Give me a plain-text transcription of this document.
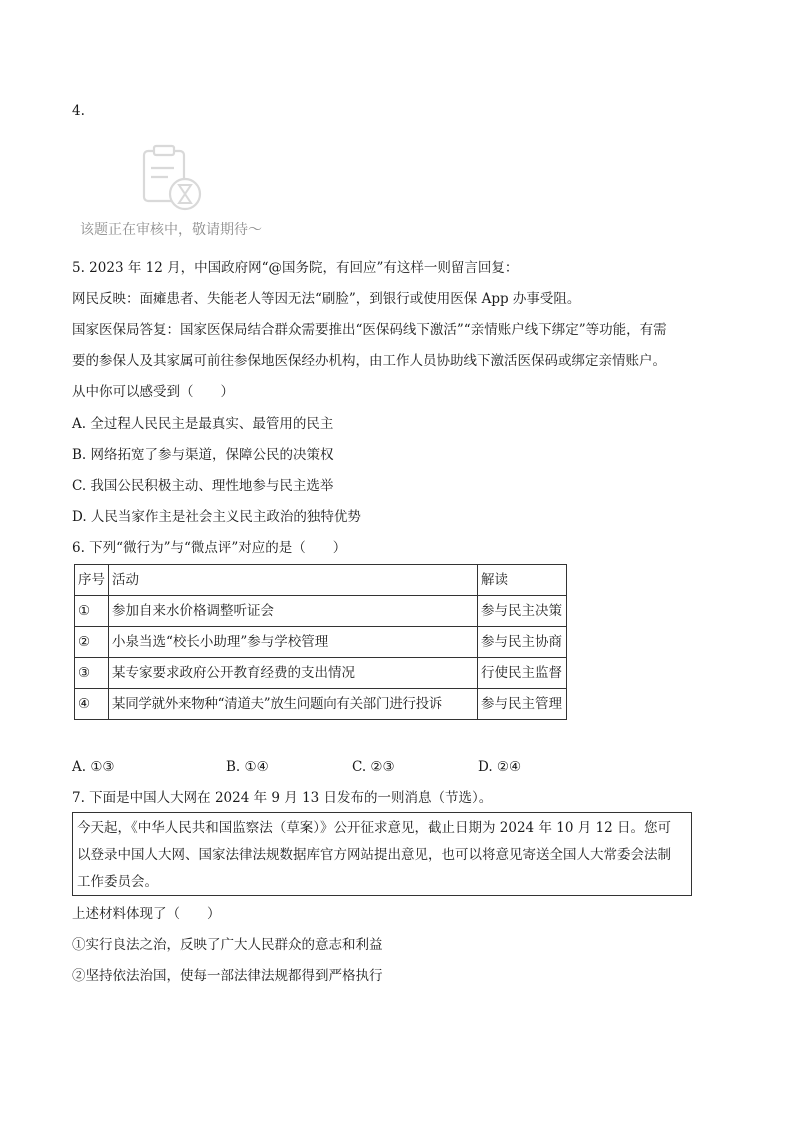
4.
该题正在审核中，敬请期待～
5. 2023 年 12 月，中国政府网“@国务院，有回应”有这样一则留言回复：
网民反映：面瘫患者、失能老人等因无法“刷脸”，到银行或使用医保 App 办事受阻。
国家医保局答复：国家医保局结合群众需要推出“医保码线下激活”“亲情账户线下绑定”等功能，有需
要的参保人及其家属可前往参保地医保经办机构，由工作人员协助线下激活医保码或绑定亲情账户。
从中你可以感受到（　　）
A. 全过程人民民主是最真实、最管用的民主
B. 网络拓宽了参与渠道，保障公民的决策权
C. 我国公民积极主动、理性地参与民主选举
D. 人民当家作主是社会主义民主政治的独特优势
6. 下列“微行为”与“微点评”对应的是（　　）
序号	活动	解读
①	参加自来水价格调整听证会	参与民主决策
②	小泉当选“校长小助理”参与学校管理	参与民主协商
③	某专家要求政府公开教育经费的支出情况	行使民主监督
④	某同学就外来物种“清道夫”放生问题向有关部门进行投诉	参与民主管理
A. ①③	B. ①④	C. ②③	D. ②④
7. 下面是中国人大网在 2024 年 9 月 13 日发布的一则消息（节选）。
今天起，《中华人民共和国监察法（草案）》公开征求意见，截止日期为 2024 年 10 月 12 日。您可
以登录中国人大网、国家法律法规数据库官方网站提出意见，也可以将意见寄送全国人大常委会法制
工作委员会。
上述材料体现了（　　）
①实行良法之治，反映了广大人民群众的意志和利益
②坚持依法治国，使每一部法律法规都得到严格执行
